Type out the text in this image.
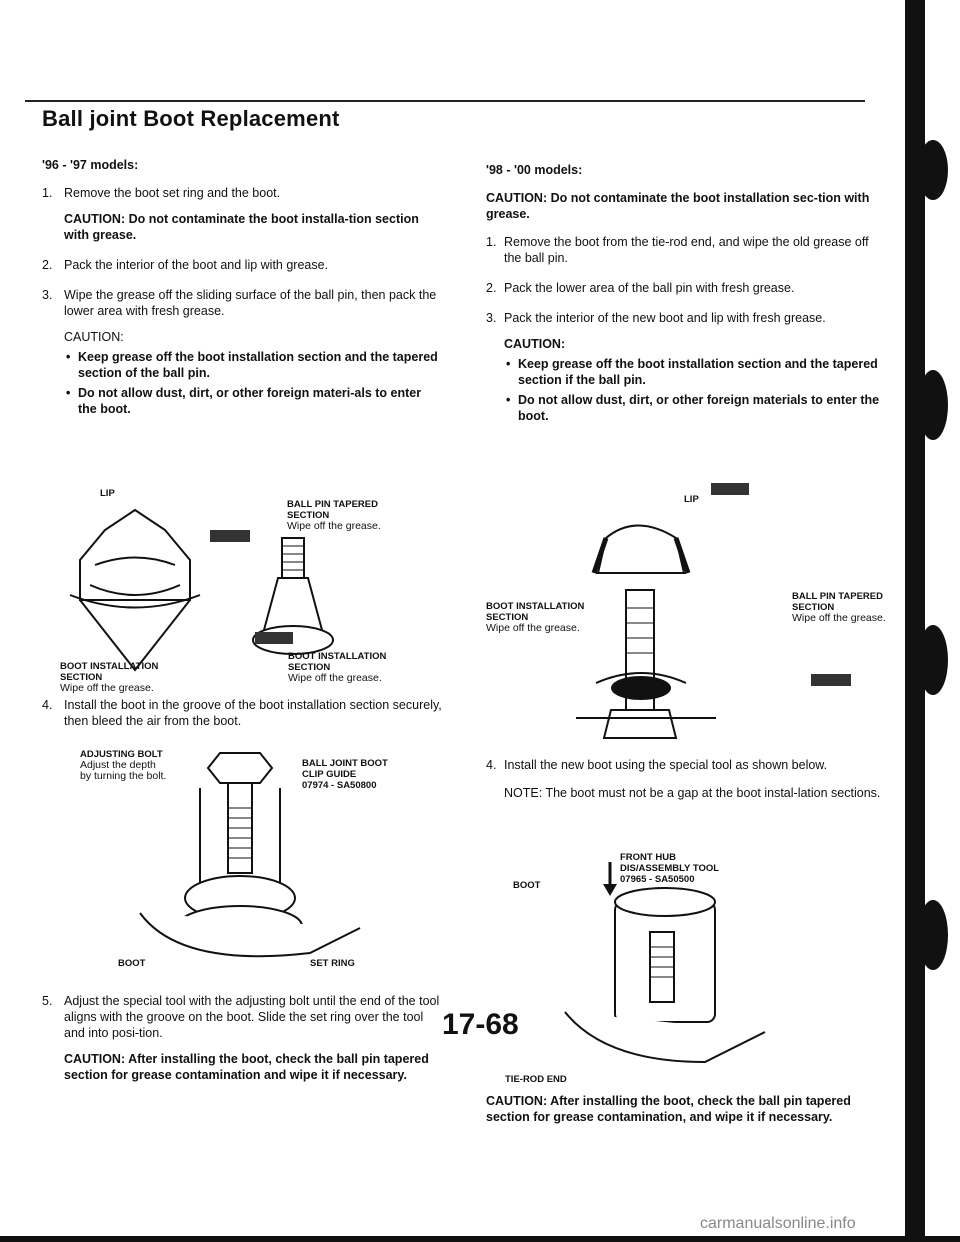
Ball joint Boot Replacement

'96 - '97 models:

1. Remove the boot set ring and the boot.

CAUTION: Do not contaminate the boot installa-tion section with grease.

2. Pack the interior of the boot and lip with grease.

3. Wipe the grease off the sliding surface of the ball pin, then pack the lower area with fresh grease.

CAUTION:

• Keep grease off the boot installation section and the tapered section of the ball pin.
• Do not allow dust, dirt, or other foreign materi-als to enter the boot.
LIP

BALL PIN TAPERED
SECTION

Wipe off the grease.

BOOT INSTALLATION
SECTION

Wipe off the grease.

BOOT INSTALLATION
SECTION

Wipe off the grease.

4. Install the boot in the groove of the boot installation section securely, then bleed the air from the boot.

ADJUSTING BOLT

Adjust the depth
by turning the bolt.

BALL JOINT BOOT
CLIP GUIDE
07974 - SA50800
BOOT	SET RING
5. Adjust the special tool with the adjusting bolt until the end of the tool aligns with the groove on the boot. Slide the set ring over the tool and into posi-tion.

CAUTION: After installing the boot, check the ball pin tapered section for grease contamination and wipe it if necessary.

17-68

'98 - '00 models:

CAUTION: Do not contaminate the boot installation sec-tion with grease.

1. Remove the boot from the tie-rod end, and wipe the old grease off the ball pin.

2. Pack the lower area of the ball pin with fresh grease.

3. Pack the interior of the new boot and lip with fresh grease.

CAUTION:

• Keep grease off the boot installation section and the tapered section if the ball pin.
• Do not allow dust, dirt, or other foreign materials to enter the boot.
LIP

BOOT INSTALLATION
SECTION

Wipe off the grease.

BALL PIN TAPERED
SECTION

Wipe off the grease.

4. Install the new boot using the special tool as shown below.

NOTE: The boot must not be a gap at the boot instal-lation sections.

FRONT HUB
DIS/ASSEMBLY TOOL
07965 - SA50500
BOOT
TIE-ROD END

CAUTION: After installing the boot, check the ball pin tapered section for grease contamination, and wipe it if necessary.

carmanualsonline.info
